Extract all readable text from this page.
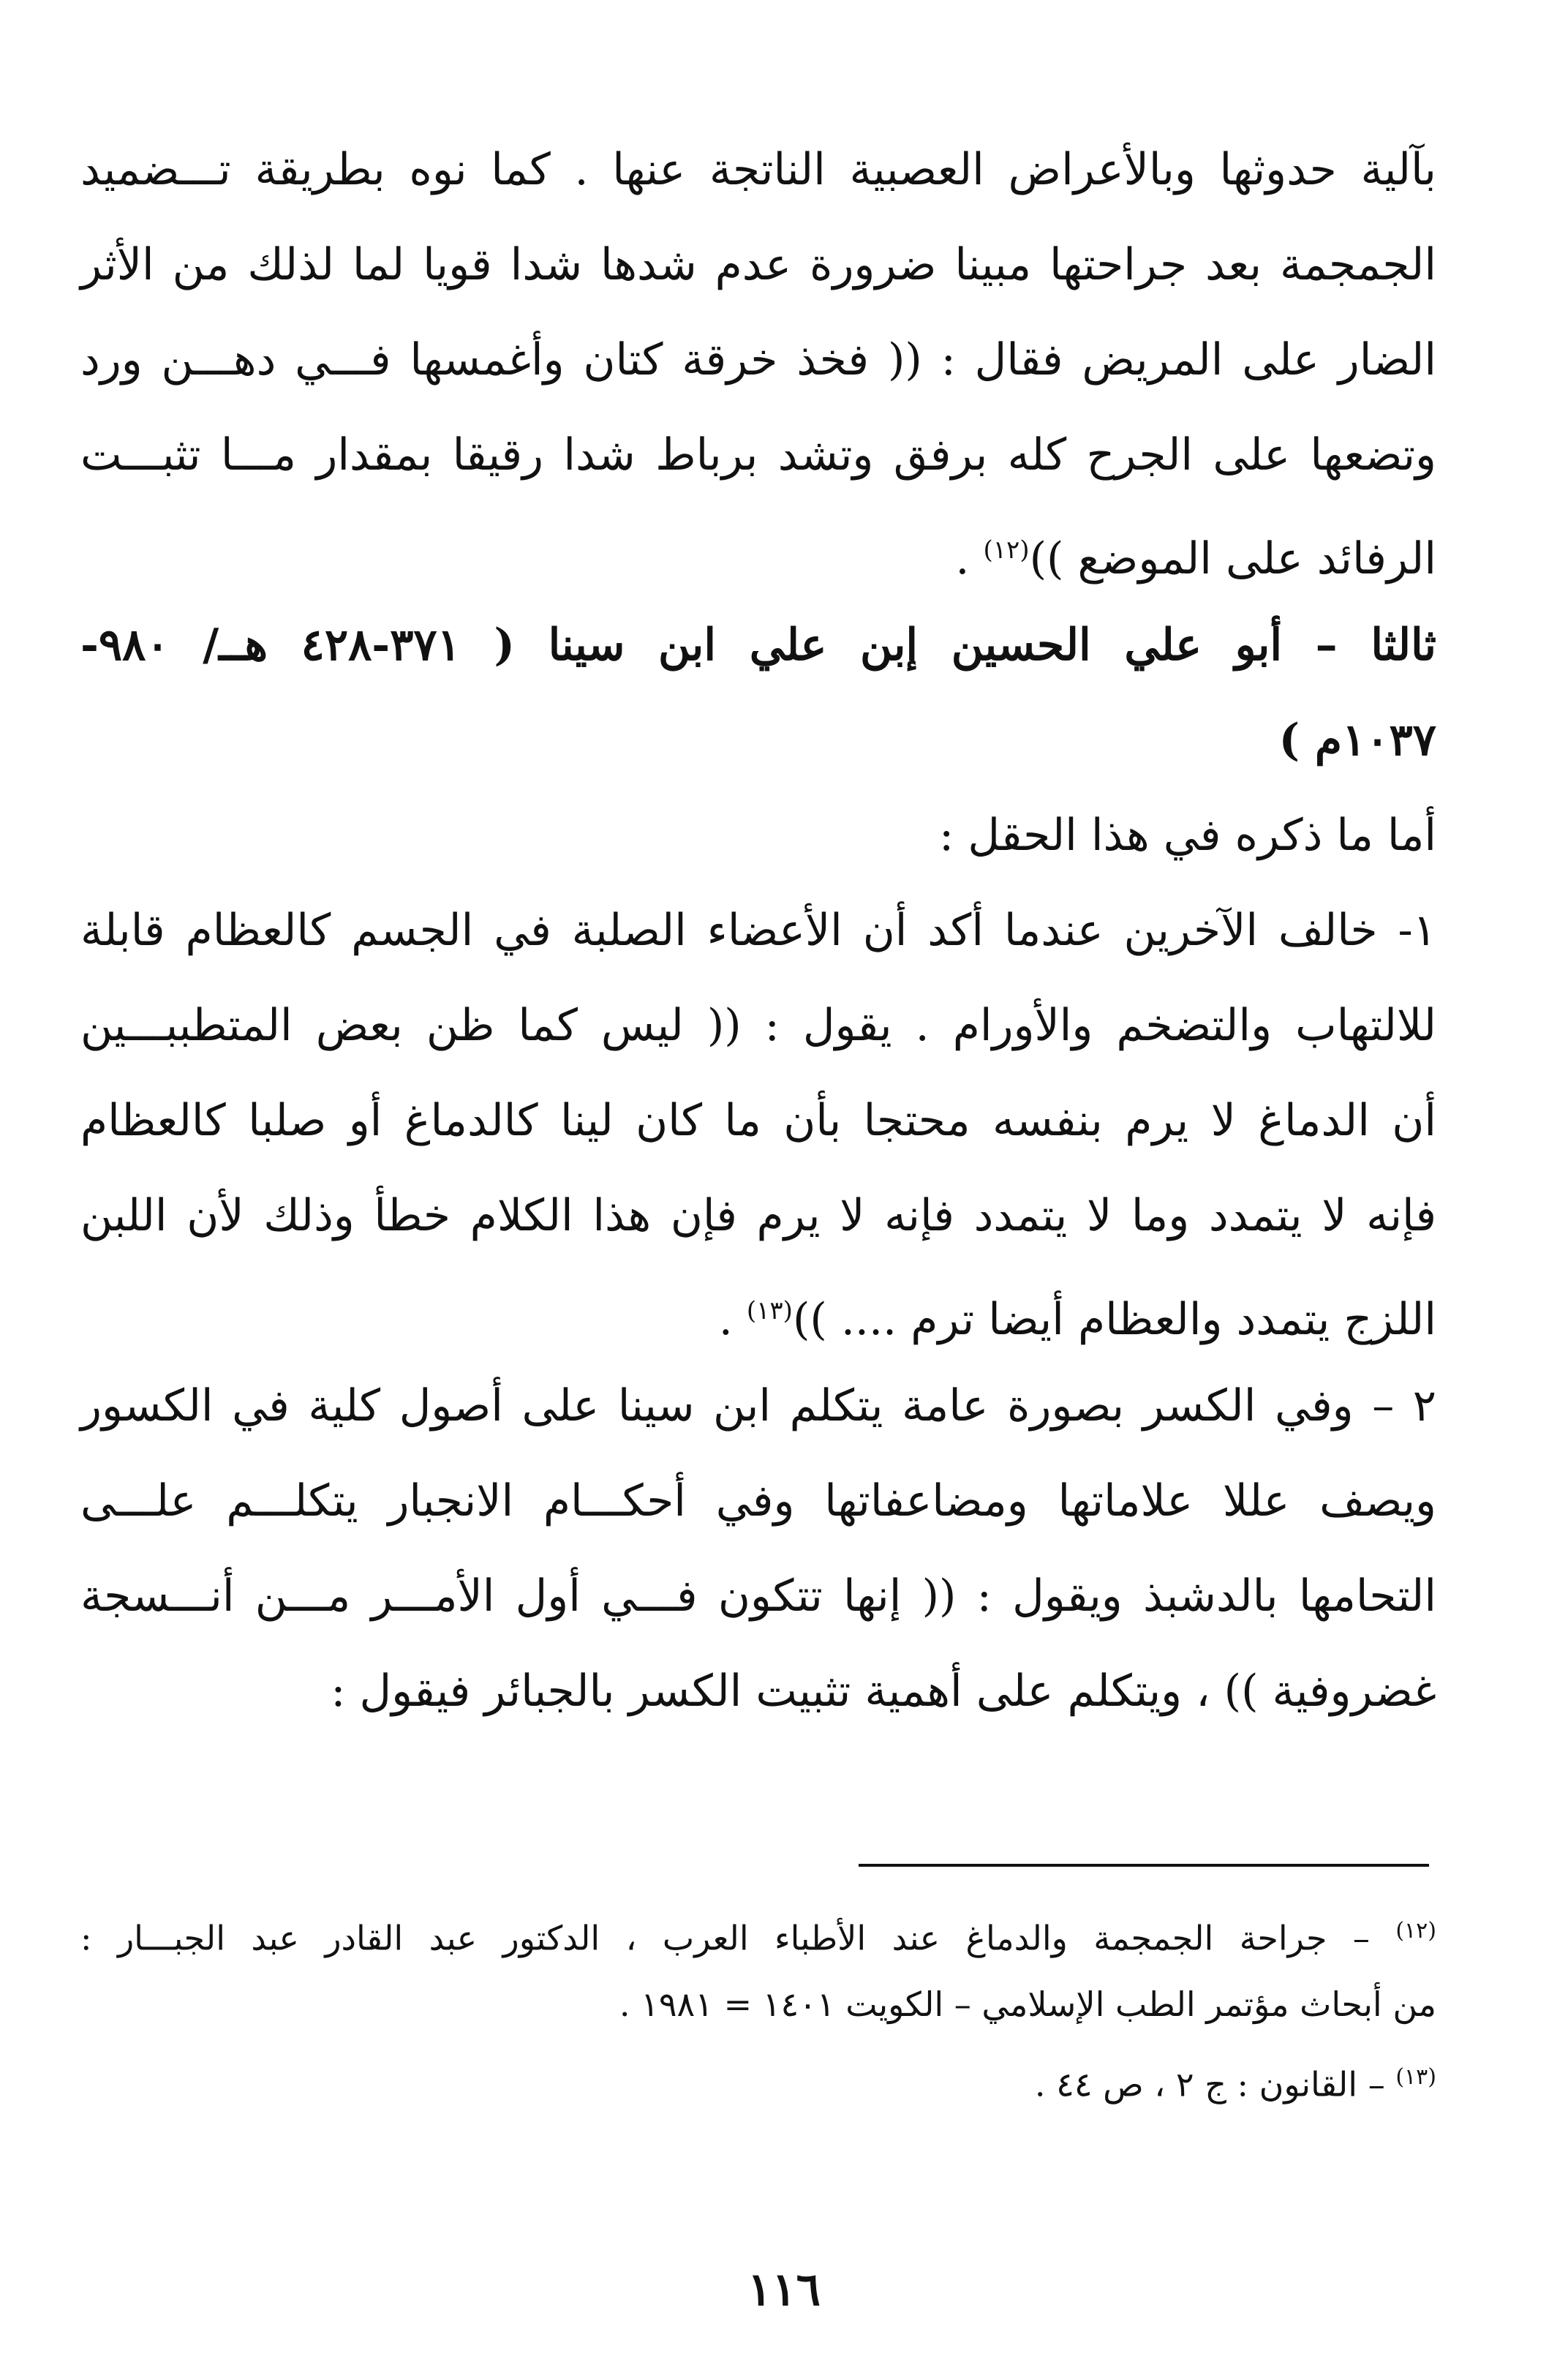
بآلية حدوثها وبالأعراض العصبية الناتجة عنها . كما نوه بطريقة تـــضميد
الجمجمة بعد جراحتها مبينا ضرورة عدم شدها شدا قويا لما لذلك من الأثر
الضار على المريض فقال : (( فخذ خرقة كتان وأغمسها فـــي دهـــن ورد
وتضعها على الجرح كله برفق وتشد برباط شدا رقيقا بمقدار مـــا تثبـــت
الرفائد على الموضع ))$^{(١٢)}$ .
ثالثا – أبو علي الحسين إبن علي ابن سينا ( ٣٧١-٤٢٨ هــ/ ٩٨٠-
١٠٣٧م )
أما ما ذكره في هذا الحقل :
١- خالف الآخرين عندما أكد أن الأعضاء الصلبة في الجسم كالعظام قابلة
للالتهاب والتضخم والأورام . يقول : (( ليس كما ظن بعض المتطببـــين
أن الدماغ لا يرم بنفسه محتجا بأن ما كان لينا كالدماغ أو صلبا كالعظام
فإنه لا يتمدد وما لا يتمدد فإنه لا يرم فإن هذا الكلام خطأ وذلك لأن اللبن
اللزج يتمدد والعظام أيضا ترم .... ))$^{(١٣)}$ .
٢ – وفي الكسر بصورة عامة يتكلم ابن سينا على أصول كلية في الكسور
ويصف عللا علاماتها ومضاعفاتها وفي أحكـــام الانجبار يتكلـــم علـــى
التحامها بالدشبذ ويقول : (( إنها تتكون فـــي أول الأمـــر مـــن أنـــسجة
غضروفية )) ، ويتكلم على أهمية تثبيت الكسر بالجبائر فيقول :
$^{(١٢)}$ – جراحة الجمجمة والدماغ عند الأطباء العرب ، الدكتور عبد القادر عبد الجبـــار :
من أبحاث مؤتمر الطب الإسلامي – الكويت ١٤٠١ = ١٩٨١ .
$^{(١٣)}$ – القانون : ج ٢ ، ص ٤٤ .
١١٦
